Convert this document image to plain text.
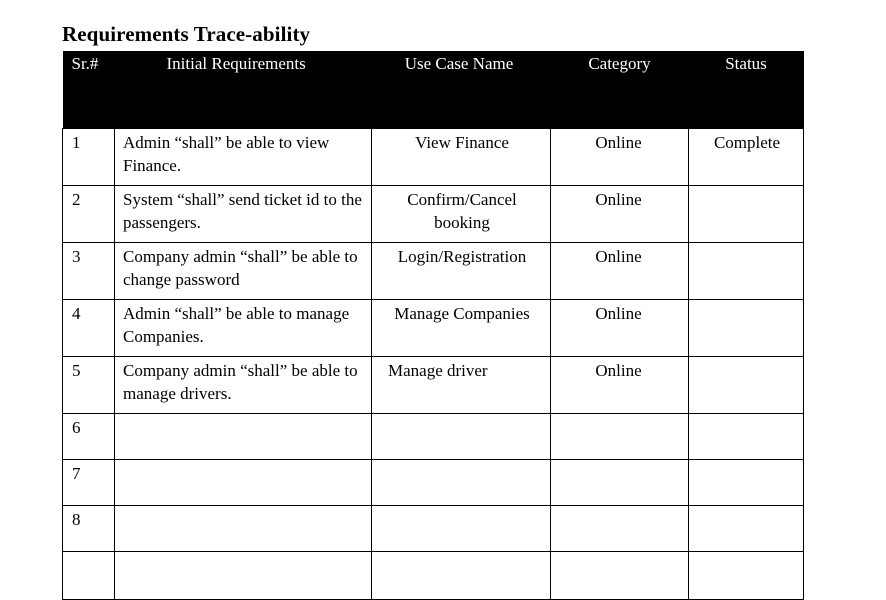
Requirements Trace-ability
Sr.#	Initial Requirements	Use Case Name	Category	Status
1	Admin “shall” be able to view Finance.	View Finance	Online	Complete
2	System “shall” send ticket id to the passengers.	Confirm/Cancel booking	Online	
3	Company admin “shall” be able to change password	Login/Registration	Online	
4	Admin “shall” be able to manage Companies.	Manage Companies	Online	
5	Company admin “shall” be able to manage drivers.	Manage driver	Online	
6				
7				
8				
